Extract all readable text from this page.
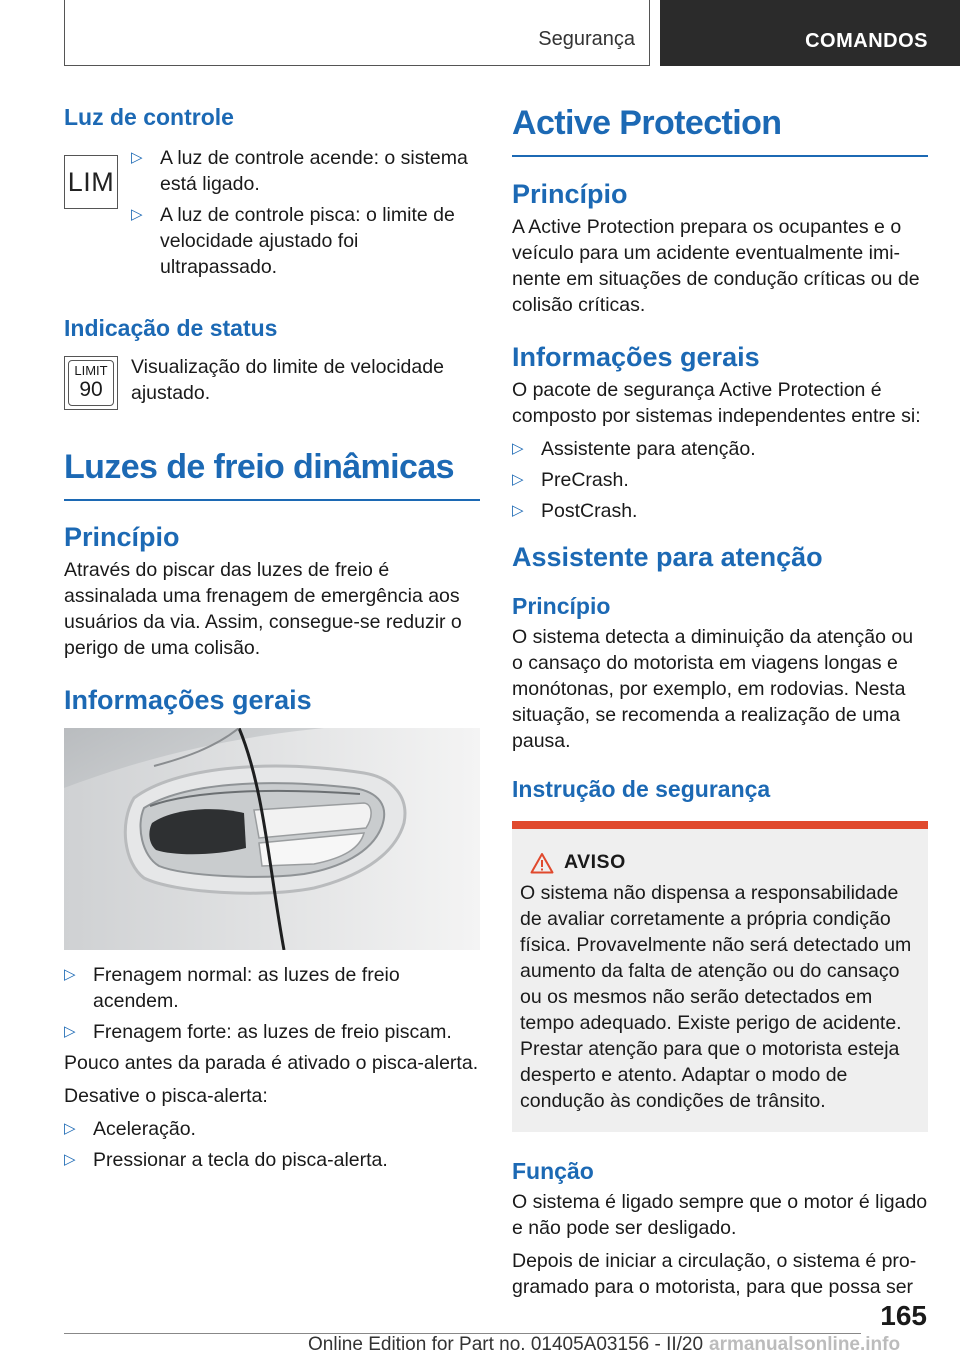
Segurança	COMANDOS
Luz de controle
LIM
▷ A luz de controle acende: o sistema está ligado.
▷ A luz de controle pisca: o limite de velocidade ajustado foi ultrapassado.
Indicação de status
LIMIT
90

Visualização do limite de velocidade ajustado.

Luzes de freio dinâmicas
Princípio

Através do piscar das luzes de freio é assinalada uma frenagem de emergência aos usuários da via. Assim, consegue-se reduzir o perigo de uma colisão.

Informações gerais
▷ Frenagem normal: as luzes de freio acendem.
▷ Frenagem forte: as luzes de freio piscam.

Pouco antes da parada é ativado o pisca-alerta.

Desative o pisca-alerta:

▷ Aceleração.
▷ Pressionar a tecla do pisca-alerta.
Active Protection
Princípio

A Active Protection prepara os ocupantes e o veículo para um acidente eventualmente iminente em situações de condução críticas ou de colisão críticas.

Informações gerais

O pacote de segurança Active Protection é composto por sistemas independentes entre si:

▷ Assistente para atenção.
▷ PreCrash.
▷ PostCrash.
Assistente para atenção
Princípio

O sistema detecta a diminuição da atenção ou o cansaço do motorista em viagens longas e monótonas, por exemplo, em rodovias. Nesta situação, se recomenda a realização de uma pausa.

Instrução de segurança
AVISO

O sistema não dispensa a responsabilidade de avaliar corretamente a própria condição física. Provavelmente não será detectado um aumento da falta de atenção ou do cansaço ou os mesmos não serão detectados em tempo adequado. Existe perigo de acidente. Prestar atenção para que o motorista esteja desperto e atento. Adaptar o modo de condução às condições de trânsito.

Função

O sistema é ligado sempre que o motor é ligado e não pode ser desligado.

Depois de iniciar a circulação, o sistema é programado para o motorista, para que possa ser

165
Online Edition for Part no. 01405A03156 - II/20 armanualsonline.info
